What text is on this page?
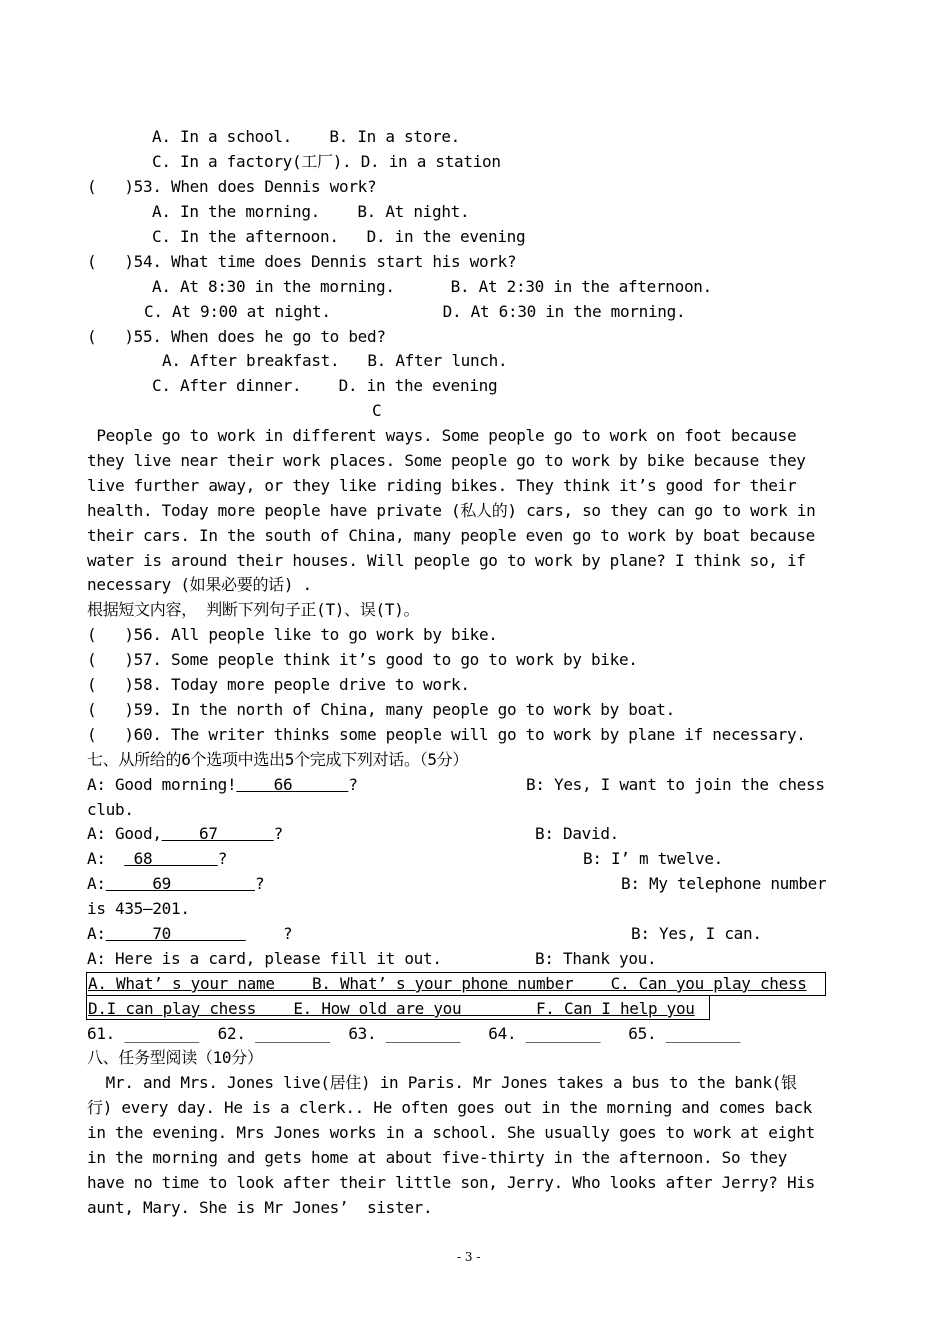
A. In a school.    B. In a store.
C. In a factory(工厂). D. in a station
(   )53. When does Dennis work?
A. In the morning.    B. At night.
C. In the afternoon.   D. in the evening
(   )54. What time does Dennis start his work?
A. At 8:30 in the morning.      B. At 2:30 in the afternoon.
C. At 9:00 at night.            D. At 6:30 in the morning.
(   )55. When does he go to bed?
A. After breakfast.   B. After lunch.
C. After dinner.    D. in the evening
C
People go to work in different ways. Some people go to work on foot because
they live near their work places. Some people go to work by bike because they
live further away, or they like riding bikes. They think it’s good for their
health. Today more people have private (私人的) cars, so they can go to work in
their cars. In the south of China, many people even go to work by boat because
water is around their houses. Will people go to work by plane? I think so, if
necessary (如果必要的话) .
根据短文内容， 判断下列句子正(T)、误(T)。
(   )56. All people like to go work by bike.
(   )57. Some people think it’s good to go to work by bike.
(   )58. Today more people drive to work.
(   )59. In the north of China, many people go to work by boat.
(   )60. The writer thinks some people will go to work by plane if necessary.
七、从所给的6个选项中选出5个完成下列对话。（5分）
A: Good morning!    66      ?	B: Yes, I want to join the chess
club.
A: Good,    67      ?	B: David.
A:   68       ?	B: I’ m twelve.
A:     69         ?	B: My telephone number
is 435—201.
A:     70            ?	B: Yes, I can.
A: Here is a card, please fill it out.	B: Thank you.
A. What’ s your name    B. What’ s your phone number    C. Can you play chess
D.I can play chess    E. How old are you        F. Can I help you
61. ________  62. ________  63. ________   64. ________   65. ________
八、任务型阅读（10分）
Mr. and Mrs. Jones live(居住) in Paris. Mr Jones takes a bus to the bank(银
行) every day. He is a clerk.. He often goes out in the morning and comes back
in the evening. Mrs Jones works in a school. She usually goes to work at eight
in the morning and gets home at about five-thirty in the afternoon. So they
have no time to look after their little son, Jerry. Who looks after Jerry? His
aunt, Mary. She is Mr Jones’  sister.
- 3 -
